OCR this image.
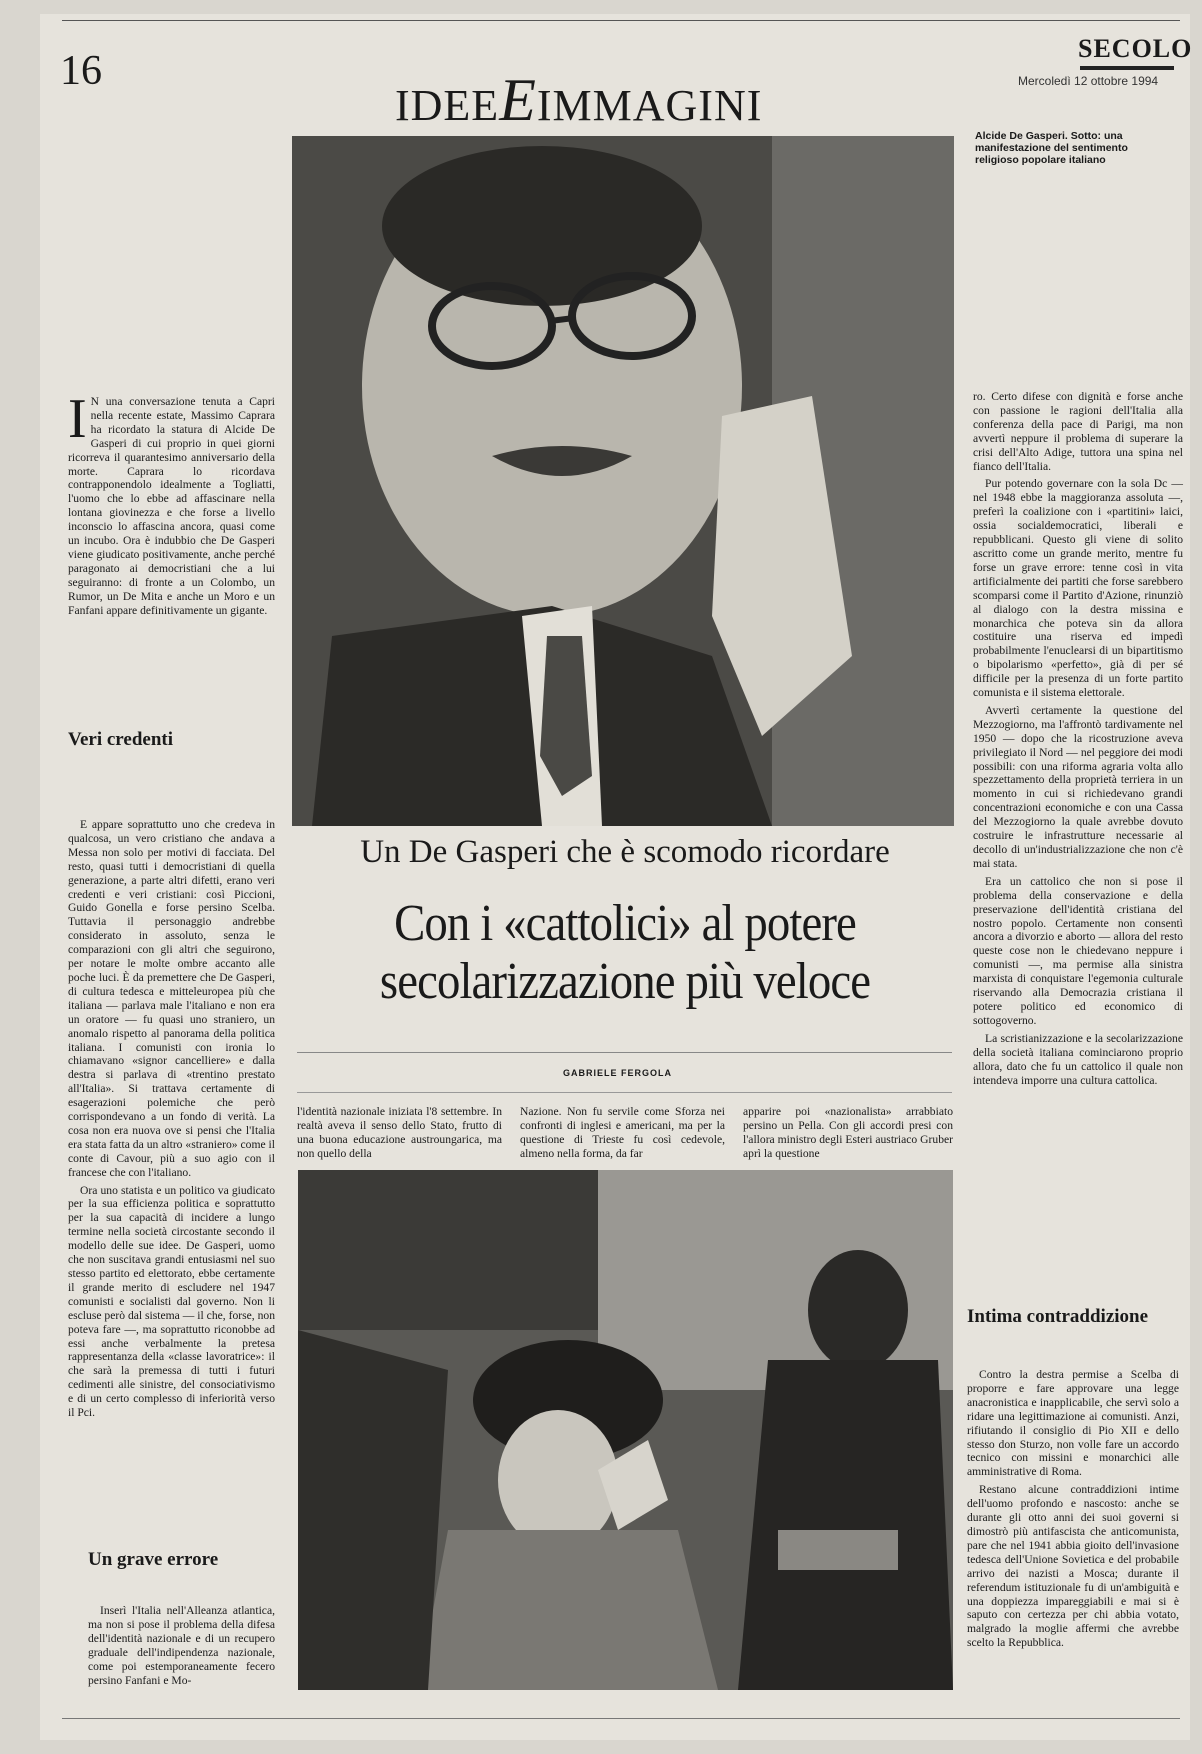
16
IDEEEIMMAGINI
SECOLO
Mercoledì 12 ottobre 1994
Alcide De Gasperi. Sotto: una manifestazione del sentimento religioso popolare italiano

I N una conversazione tenuta a Capri nella recente estate, Massimo Caprara ha ricordato la statura di Alcide De Gasperi di cui proprio in quei giorni ricorreva il quarantesimo anniversario della morte. Caprara lo ricordava contrapponendolo idealmente a Togliatti, l'uomo che lo ebbe ad affascinare nella lontana giovinezza e che forse a livello inconscio lo affascina ancora, quasi come un incubo. Ora è indubbio che De Gasperi viene giudicato positivamente, anche perché paragonato ai democristiani che a lui seguiranno: di fronte a un Colombo, un Rumor, un De Mita e anche un Moro e un Fanfani appare definitivamente un gigante.

Veri credenti

E appare soprattutto uno che credeva in qualcosa, un vero cristiano che andava a Messa non solo per motivi di facciata. Del resto, quasi tutti i democristiani di quella generazione, a parte altri difetti, erano veri credenti e veri cristiani: così Piccioni, Guido Gonella e forse persino Scelba. Tuttavia il personaggio andrebbe considerato in assoluto, senza le comparazioni con gli altri che seguirono, per notare le molte ombre accanto alle poche luci. È da premettere che De Gasperi, di cultura tedesca e mitteleuropea più che italiana — parlava male l'italiano e non era un oratore — fu quasi uno straniero, un anomalo rispetto al panorama della politica italiana. I comunisti con ironia lo chiamavano «signor cancelliere» e dalla destra si parlava di «trentino prestato all'Italia». Si trattava certamente di esagerazioni polemiche che però corrispondevano a un fondo di verità. La cosa non era nuova ove si pensi che l'Italia era stata fatta da un altro «straniero» come il conte di Cavour, più a suo agio con il francese che con l'italiano.

Ora uno statista e un politico va giudicato per la sua efficienza politica e soprattutto per la sua capacità di incidere a lungo termine nella società circostante secondo il modello delle sue idee. De Gasperi, uomo che non suscitava grandi entusiasmi nel suo stesso partito ed elettorato, ebbe certamente il grande merito di escludere nel 1947 comunisti e socialisti dal governo. Non li escluse però dal sistema — il che, forse, non poteva fare —, ma soprattutto riconobbe ad essi anche verbalmente la pretesa rappresentanza della «classe lavoratrice»: il che sarà la premessa di tutti i futuri cedimenti alle sinistre, del consociativismo e di un certo complesso di inferiorità verso il Pci.

Un grave errore

Inserì l'Italia nell'Alleanza atlantica, ma non si pose il problema della difesa dell'identità nazionale e di un recupero graduale dell'indipendenza nazionale, come poi estemporaneamente fecero persino Fanfani e Mo-

Un De Gasperi che è scomodo ricordare
Con i «cattolici» al potere
secolarizzazione più veloce
GABRIELE FERGOLA

l'identità nazionale iniziata l'8 settembre. In realtà aveva il senso dello Stato, frutto di una buona educazione austroungarica, ma non quello della

Nazione. Non fu servile come Sforza nei confronti di inglesi e americani, ma per la questione di Trieste fu così cedevole, almeno nella forma, da far

apparire poi «nazionalista» arrabbiato persino un Pella. Con gli accordi presi con l'allora ministro degli Esteri austriaco Gruber aprì la questione

ro. Certo difese con dignità e forse anche con passione le ragioni dell'Italia alla conferenza della pace di Parigi, ma non avvertì neppure il problema di superare la crisi dell'Alto Adige, tuttora una spina nel fianco dell'Italia.

Pur potendo governare con la sola Dc — nel 1948 ebbe la maggioranza assoluta —, preferì la coalizione con i «partitini» laici, ossia socialdemocratici, liberali e repubblicani. Questo gli viene di solito ascritto come un grande merito, mentre fu forse un grave errore: tenne così in vita artificialmente dei partiti che forse sarebbero scomparsi come il Partito d'Azione, rinunziò al dialogo con la destra missina e monarchica che poteva sin da allora costituire una riserva ed impedì probabilmente l'enuclearsi di un bipartitismo o bipolarismo «perfetto», già di per sé difficile per la presenza di un forte partito comunista e il sistema elettorale.

Avvertì certamente la questione del Mezzogiorno, ma l'affrontò tardivamente nel 1950 — dopo che la ricostruzione aveva privilegiato il Nord — nel peggiore dei modi possibili: con una riforma agraria volta allo spezzettamento della proprietà terriera in un momento in cui si richiedevano grandi concentrazioni economiche e con una Cassa del Mezzogiorno la quale avrebbe dovuto costruire le infrastrutture necessarie al decollo di un'industrializzazione che non c'è mai stata.

Era un cattolico che non si pose il problema della conservazione e della preservazione dell'identità cristiana del nostro popolo. Certamente non consentì ancora a divorzio e aborto — allora del resto queste cose non le chiedevano neppure i comunisti —, ma permise alla sinistra marxista di conquistare l'egemonia culturale riservando alla Democrazia cristiana il potere politico ed economico di sottogoverno.

La scristianizzazione e la secolarizzazione della società italiana cominciarono proprio allora, dato che fu un cattolico il quale non intendeva imporre una cultura cattolica.

Intima contraddizione

Contro la destra permise a Scelba di proporre e fare approvare una legge anacronistica e inapplicabile, che servì solo a ridare una legittimazione ai comunisti. Anzi, rifiutando il consiglio di Pio XII e dello stesso don Sturzo, non volle fare un accordo tecnico con missini e monarchici alle amministrative di Roma.

Restano alcune contraddizioni intime dell'uomo profondo e nascosto: anche se durante gli otto anni dei suoi governi si dimostrò più antifascista che anticomunista, pare che nel 1941 abbia gioito dell'invasione tedesca dell'Unione Sovietica e del probabile arrivo dei nazisti a Mosca; durante il referendum istituzionale fu di un'ambiguità e una doppiezza impareggiabili e mai si è saputo con certezza per chi abbia votato, malgrado la moglie affermi che avrebbe scelto la Repubblica.
